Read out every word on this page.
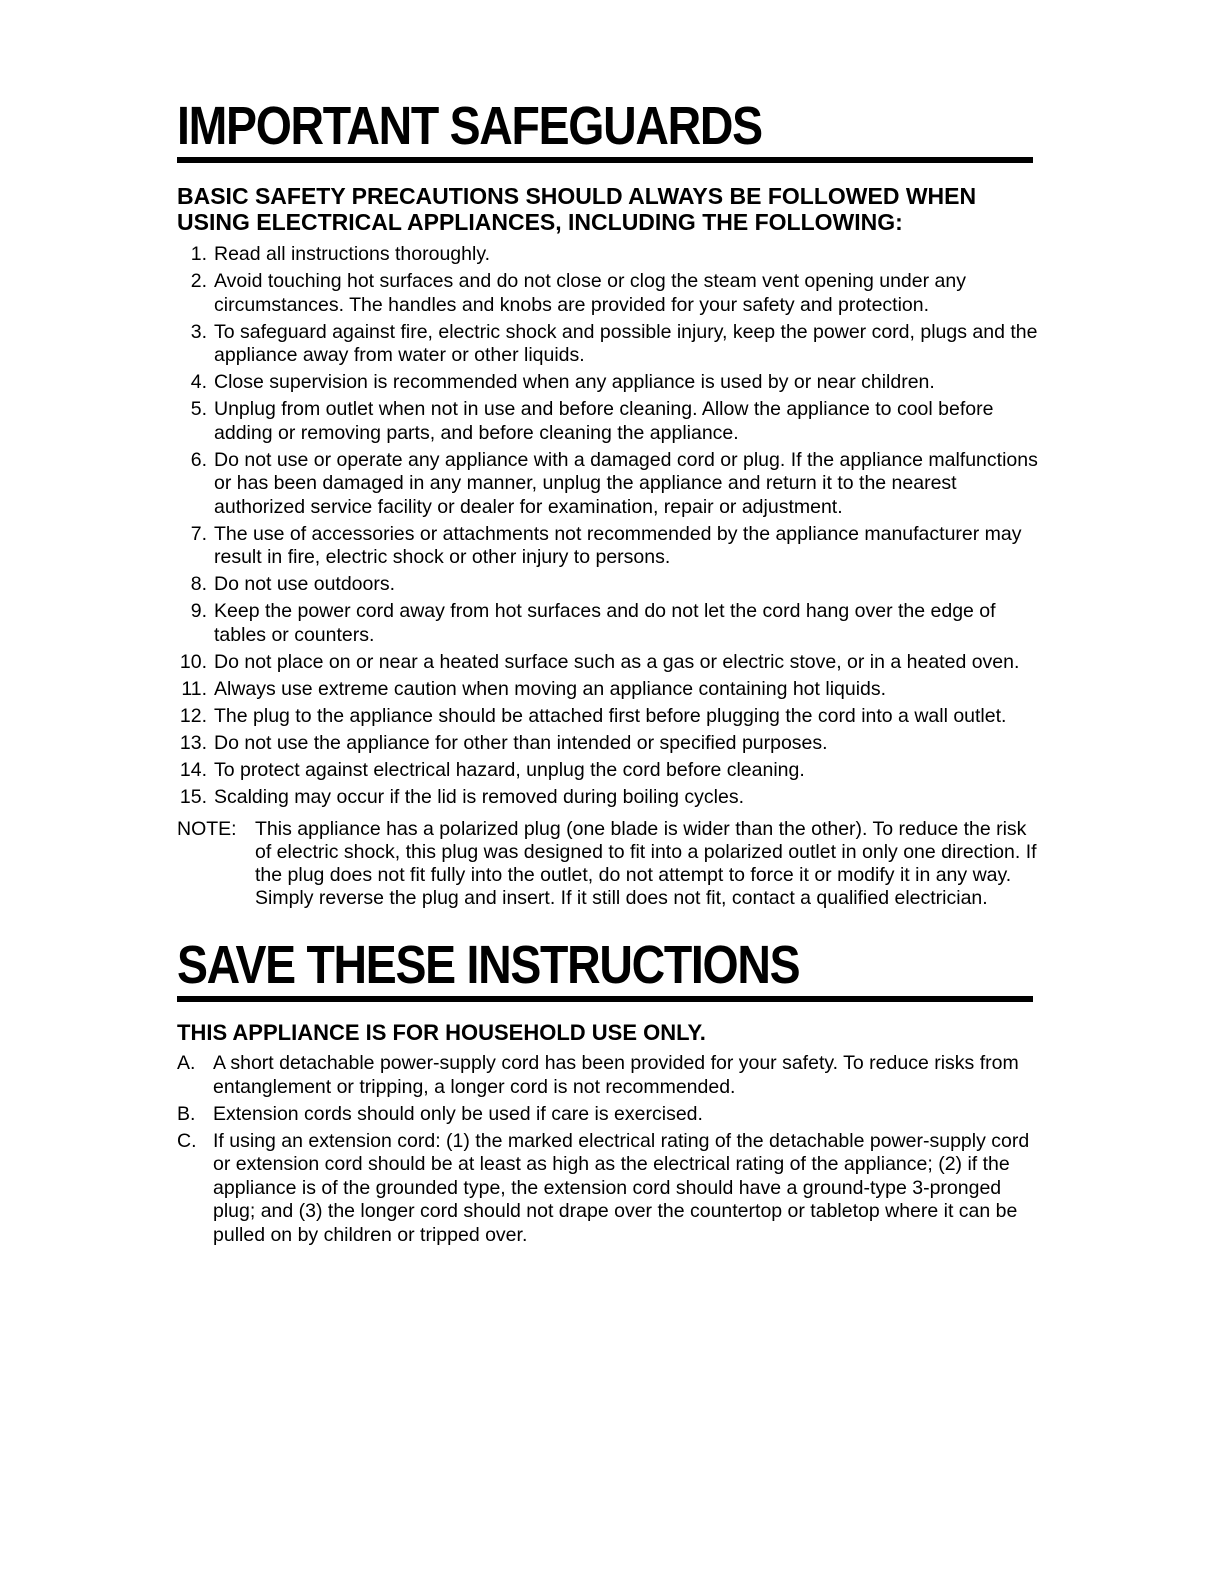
IMPORTANT SAFEGUARDS
BASIC SAFETY PRECAUTIONS SHOULD ALWAYS BE FOLLOWED WHEN
USING ELECTRICAL APPLIANCES, INCLUDING THE FOLLOWING:
1. Read all instructions thoroughly.
2. Avoid touching hot surfaces and do not close or clog the steam vent opening under any circumstances. The handles and knobs are provided for your safety and protection.
3. To safeguard against fire, electric shock and possible injury, keep the power cord, plugs and the appliance away from water or other liquids.
4. Close supervision is recommended when any appliance is used by or near children.
5. Unplug from outlet when not in use and before cleaning. Allow the appliance to cool before adding or removing parts, and before cleaning the appliance.
6. Do not use or operate any appliance with a damaged cord or plug. If the appliance malfunctions or has been damaged in any manner, unplug the appliance and return it to the nearest authorized service facility or dealer for examination, repair or adjustment.
7. The use of accessories or attachments not recommended by the appliance manufacturer may result in fire, electric shock or other injury to persons.
8. Do not use outdoors.
9. Keep the power cord away from hot surfaces and do not let the cord hang over the edge of tables or counters.
10. Do not place on or near a heated surface such as a gas or electric stove, or in a heated oven.
11. Always use extreme caution when moving an appliance containing hot liquids.
12. The plug to the appliance should be attached first before plugging the cord into a wall outlet.
13. Do not use the appliance for other than intended or specified purposes.
14. To protect against electrical hazard, unplug the cord before cleaning.
15. Scalding may occur if the lid is removed during boiling cycles.
NOTE: This appliance has a polarized plug (one blade is wider than the other). To reduce the risk of electric shock, this plug was designed to fit into a polarized outlet in only one direction. If the plug does not fit fully into the outlet, do not attempt to force it or modify it in any way. Simply reverse the plug and insert. If it still does not fit, contact a qualified electrician.
SAVE THESE INSTRUCTIONS
THIS APPLIANCE IS FOR HOUSEHOLD USE ONLY.
A. A short detachable power-supply cord has been provided for your safety. To reduce risks from entanglement or tripping, a longer cord is not recommended.
B. Extension cords should only be used if care is exercised.
C. If using an extension cord: (1) the marked electrical rating of the detachable power-supply cord or extension cord should be at least as high as the electrical rating of the appliance; (2) if the appliance is of the grounded type, the extension cord should have a ground-type 3-pronged plug; and (3) the longer cord should not drape over the countertop or tabletop where it can be pulled on by children or tripped over.
